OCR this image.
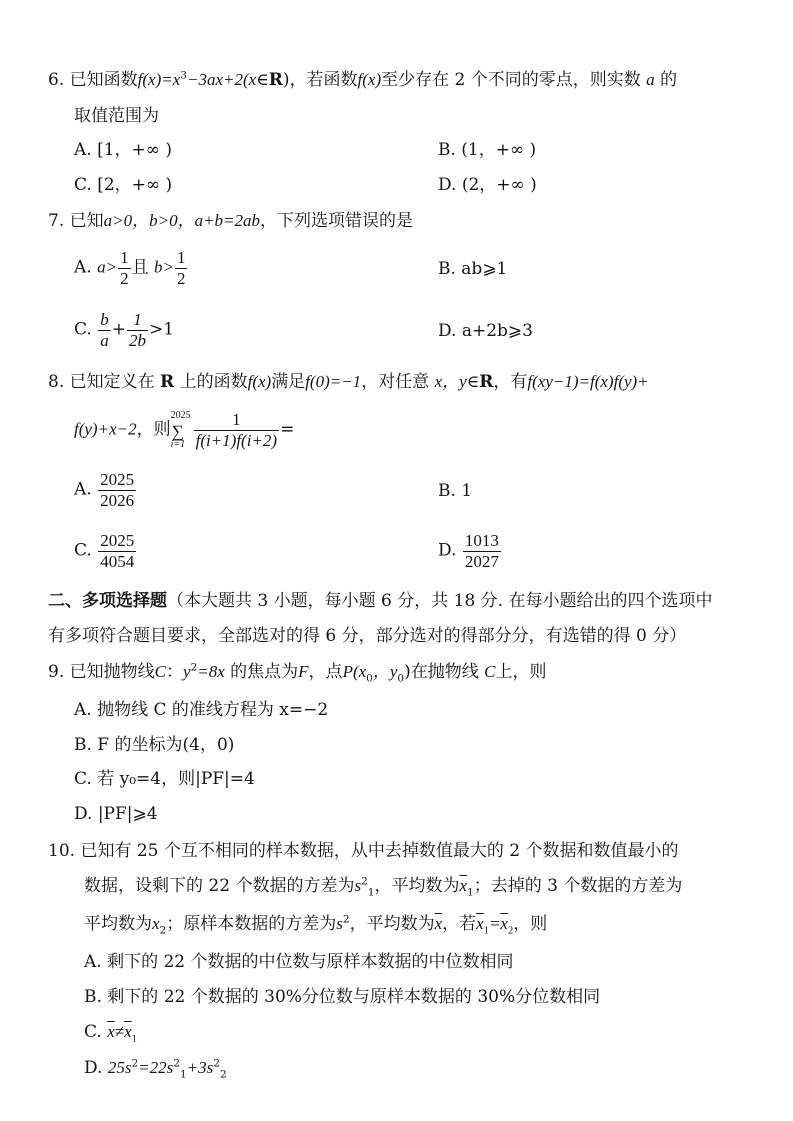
6. 已知函数$f(x)=x^3-3ax+2(x\in R)$，若函数f(x)至少存在 2 个不同的零点，则实数 a 的
取值范围为
A. [1，+∞ )	B. (1，+∞ )
C. [2，+∞ )	D. (2，+∞ )
7. 已知a>0，b>0，a+b=2ab，下列选项错误的是
A. $a> \frac{1}{2}$ 且 $b> \frac{1}{2}$	B. ab⩾1
C. $\frac{b}{a} + \frac{1}{2b} >1$	D. a+2b⩾3
8. 已知定义在 R 上的函数f(x)满足f(0)=−1，对任意 x，y∈R，有f(xy−1)=f(x)f(y)+
f(y)+x−2，则
2025
∑
$i=1 \frac{1}{f(i+1)f(i+2)}$ =
A. $\frac{2025}{2026}$	B. 1
C. $\frac{2025}{4054}$	D. $\frac{1013}{2027}$
二、多项选择题（本大题共 3 小题，每小题 6 分，共 18 分. 在每小题给出的四个选项中
有多项符合题目要求，全部选对的得 6 分，部分选对的得部分分，有选错的得 0 分）
9. 已知抛物线C：$y^2=8x$ 的焦点为F，点$P(x_0$，$y_0$)在抛物线 C上，则
A. 抛物线 C 的准线方程为 x=−2
B. F 的坐标为(4，0)
C. 若 y₀=4，则|PF|=4
D. |PF|⩾4
10. 已知有 25 个互不相同的样本数据，从中去掉数值最大的 2 个数据和数值最小的
数据，设剩下的 22 个数据的方差为$s^2_1$，平均数为$\overline{x}_1$；去掉的 3 个数据的方差为
平均数为$x_2$；原样本数据的方差为$s^2$，平均数为$\overline{x}$，若$\overline{x}_1=\overline{x}_2$，则
A. 剩下的 22 个数据的中位数与原样本数据的中位数相同
B. 剩下的 22 个数据的 30%分位数与原样本数据的 30%分位数相同
C. $\overline{x}\ne\overline{x}_1$
D. $25s^2=22s^2_1+3s^2_2$
